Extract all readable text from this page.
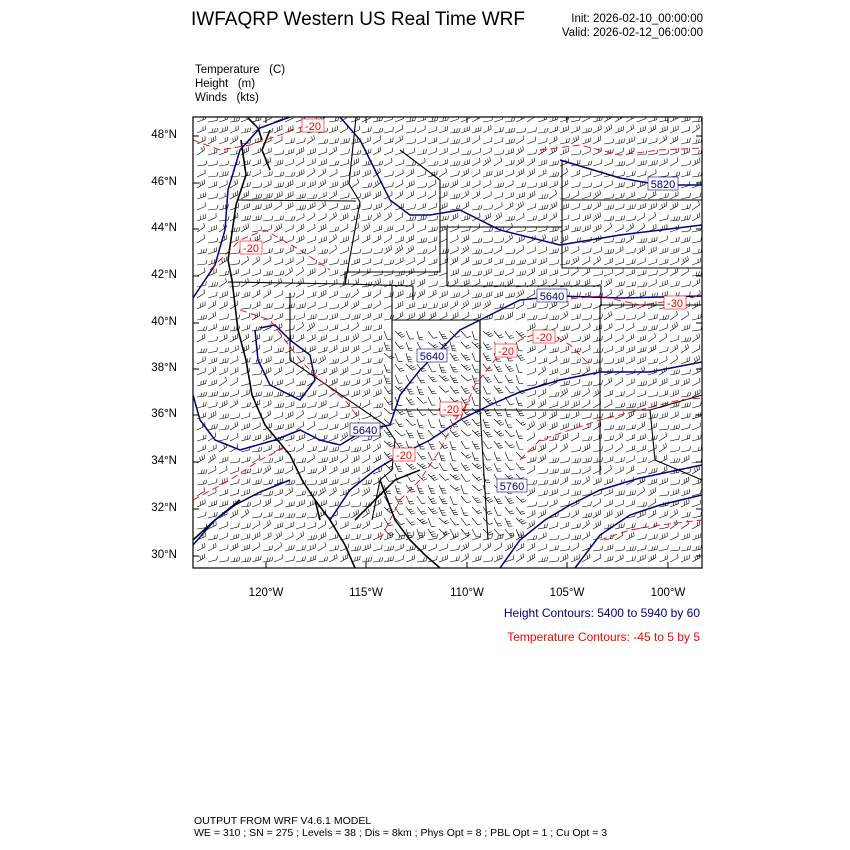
IWFAQRP Western US Real Time WRF	Init: 2026-02-10_00:00:00
Valid: 2026-02-12_06:00:00
Temperature   (C)
Height   (m)
Winds   (kts)
5820
5640
5640
5640
5760
-20
-30
-20
-20
-20
-20
-20
48°N
46°N
44°N
42°N
40°N
38°N
36°N
34°N
32°N
30°N
120°W	115°W	110°W	105°W	100°W
Height Contours: 5400 to 5940 by 60
Temperature Contours: -45 to 5 by 5
OUTPUT FROM WRF V4.6.1 MODEL
WE = 310 ; SN = 275 ; Levels = 38 ; Dis = 8km ; Phys Opt = 8 ; PBL Opt = 1 ; Cu Opt = 3
